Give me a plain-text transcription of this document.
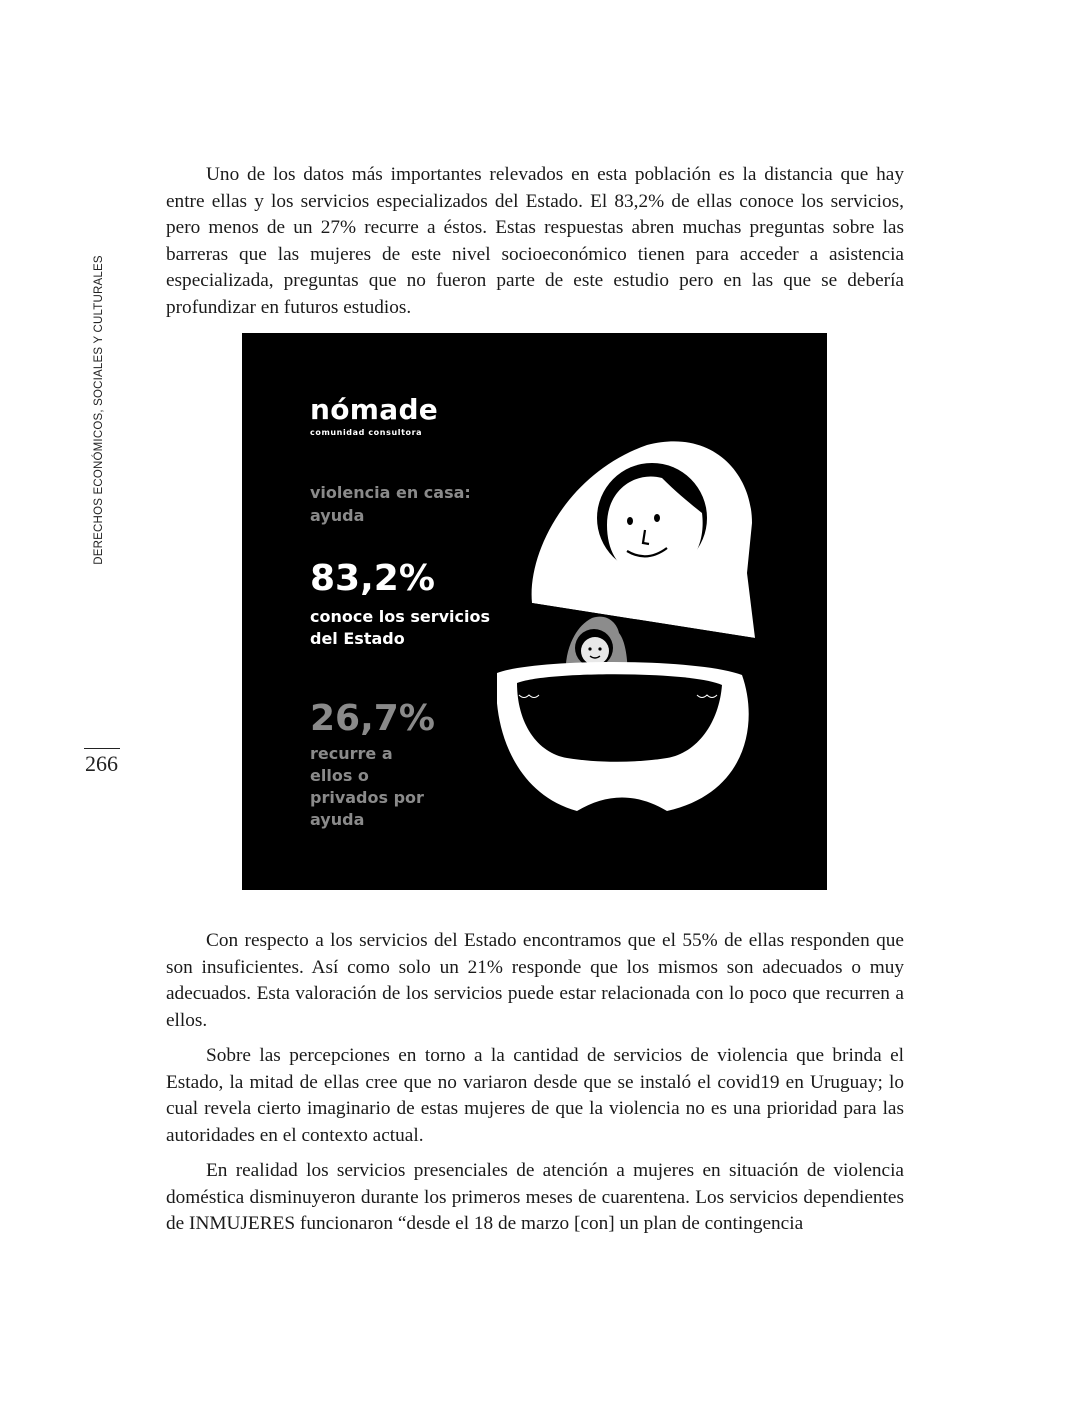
DERECHOS ECONÓMICOS, SOCIALES Y CULTURALES
266

Uno de los datos más importantes relevados en esta población es la distancia que hay entre ellas y los servicios especializados del Estado. El 83,2% de ellas conoce los servicios, pero menos de un 27% recurre a éstos. Estas respuestas abren muchas preguntas sobre las barreras que las mujeres de este nivel socioeconómico tienen para acceder a asistencia especializada, preguntas que no fueron parte de este estudio pero en las que se debería profundizar en futuros estudios.

nómade
comunidad consultora
violencia en casa: ayuda
83,2%
conoce los servicios del Estado
26,7%
recurre a ellos o privados por ayuda

Con respecto a los servicios del Estado encontramos que el 55% de ellas responden que son insuficientes. Así como solo un 21% responde que los mismos son adecuados o muy adecuados. Esta valoración de los servicios puede estar relacionada con lo poco que recurren a ellos.

Sobre las percepciones en torno a la cantidad de servicios de violencia que brinda el Estado, la mitad de ellas cree que no variaron desde que se instaló el covid19 en Uruguay; lo cual revela cierto imaginario de estas mujeres de que la violencia no es una prioridad para las autoridades en el contexto actual.

En realidad los servicios presenciales de atención a mujeres en situación de violencia doméstica disminuyeron durante los primeros meses de cuarentena. Los servicios dependientes de INMUJERES funcionaron “desde el 18 de marzo [con] un plan de contingencia
